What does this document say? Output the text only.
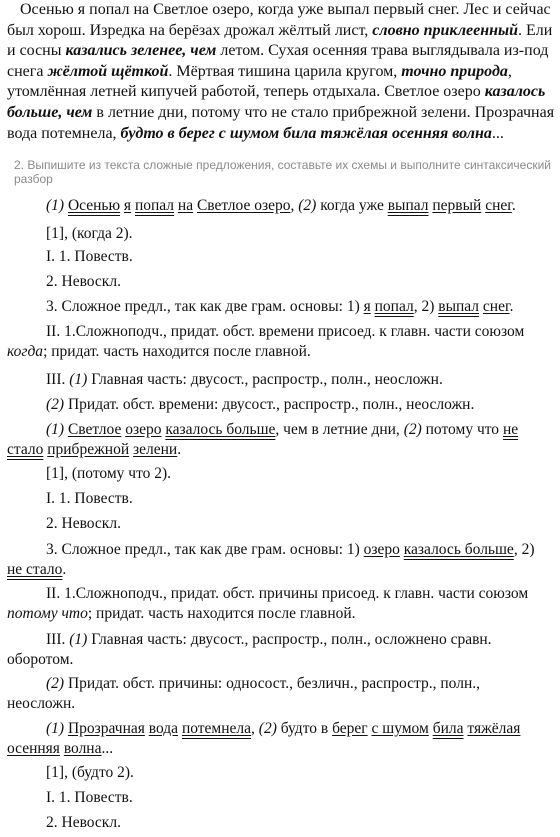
Осенью я попал на Светлое озеро, когда уже выпал первый снег. Лес и сейчас был хорош. Изредка на берёзах дрожал жёлтый лист, словно приклеенный. Ели и сосны казались зеленее, чем летом. Сухая осенняя трава выглядывала из-под снега жёлтой щёткой. Мёртвая тишина царила кругом, точно природа, утомлённая летней кипучей работой, теперь отдыхала. Светлое озеро казалось больше, чем в летние дни, потому что не стало прибрежной зелени. Прозрачная вода потемнела, будто в берег с шумом била тяжёлая осенняя волна...

2. Выпишите из текста сложные предложения, составьте их схемы и выполните синтаксический разбор

(1) Осенью я попал на Светлое озеро, (2) когда уже выпал первый снег.

[1], (когда 2).

I. 1. Повеств.

2. Невоскл.

3. Сложное предл., так как две грам. основы: 1) я попал, 2) выпал снег.

II. 1.Сложноподч., придат. обст. времени присоед. к главн. части союзом когда; придат. часть находится после главной.

III. (1) Главная часть: двусост., распростр., полн., неосложн.

(2) Придат. обст. времени: двусост., распростр., полн., неосложн.

(1) Светлое озеро казалось больше, чем в летние дни, (2) потому что не стало прибрежной зелени.

[1], (потому что 2).

I. 1. Повеств.

2. Невоскл.

3. Сложное предл., так как две грам. основы: 1) озеро казалось больше, 2) не стало.

II. 1.Сложноподч., придат. обст. причины присоед. к главн. части союзом потому что; придат. часть находится после главной.

III. (1) Главная часть: двусост., распростр., полн., осложнено сравн. оборотом.

(2) Придат. обст. причины: односост., безличн., распростр., полн., неосложн.

(1) Прозрачная вода потемнела, (2) будто в берег с шумом била тяжёлая осенняя волна...

[1], (будто 2).

I. 1. Повеств.

2. Невоскл.
